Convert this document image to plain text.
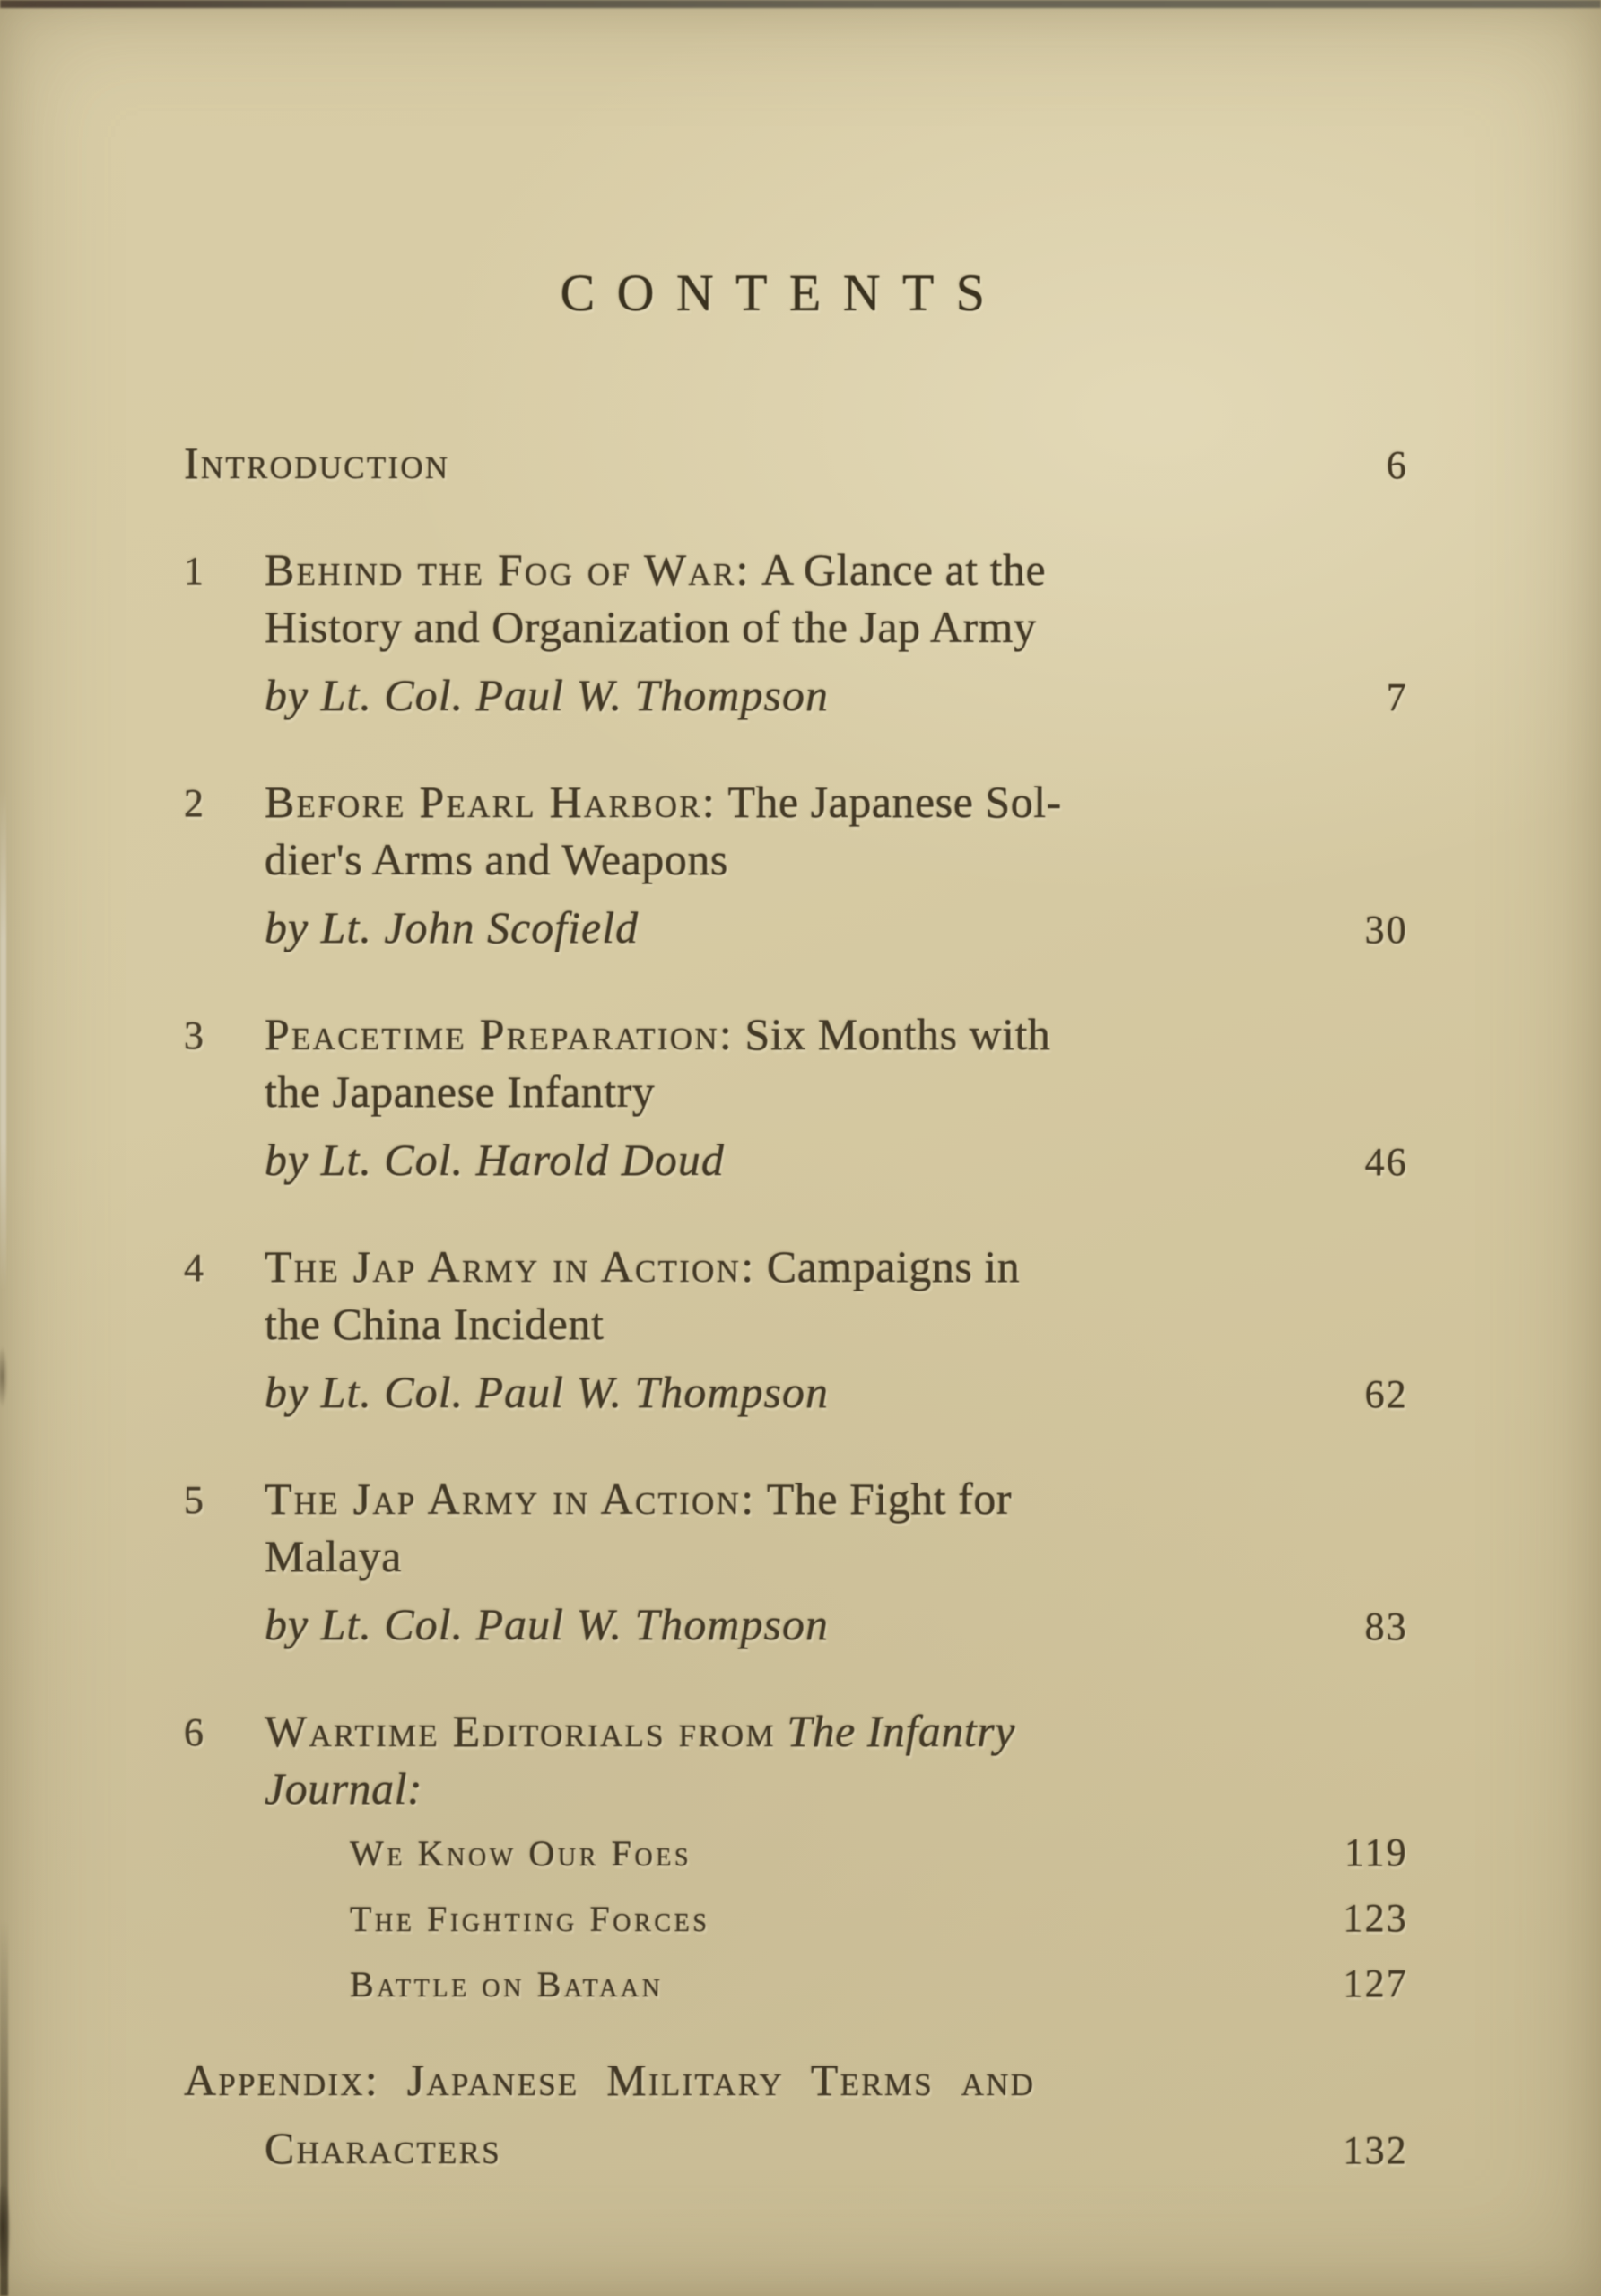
CONTENTS
Introduction	6
1	Behind the Fog of War: A Glance at the
History and Organization of the Jap Army
by Lt. Col. Paul W. Thompson	7
2	Before Pearl Harbor: The Japanese Sol-
dier's Arms and Weapons
by Lt. John Scofield	30
3	Peacetime Preparation: Six Months with
the Japanese Infantry
by Lt. Col. Harold Doud	46
4	The Jap Army in Action: Campaigns in
the China Incident
by Lt. Col. Paul W. Thompson	62
5	The Jap Army in Action: The Fight for
Malaya
by Lt. Col. Paul W. Thompson	83
6	Wartime Editorials from The Infantry
Journal:
We Know Our Foes	119
The Fighting Forces	123
Battle on Bataan	127
Appendix: Japanese Military Terms and
Characters	132
